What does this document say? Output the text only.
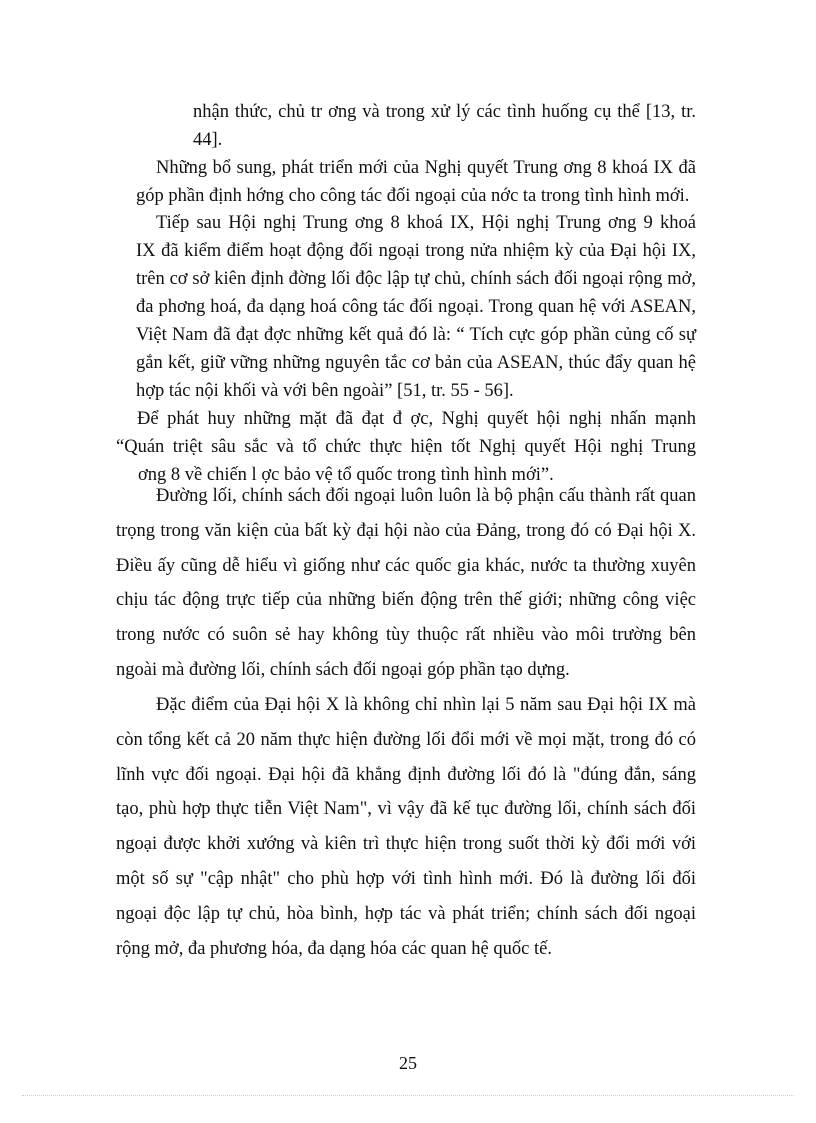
nhận thức, chủ tr ơng và trong xử lý các tình huống cụ thể [13, tr.
44].
Những bổ sung, phát triển mới của Nghị quyết Trung ơng 8 khoá IX đã
góp phần định hớng cho công tác đối ngoại của nớc ta trong tình hình mới.
Tiếp sau Hội nghị Trung ơng 8 khoá IX, Hội nghị Trung ơng 9 khoá
IX đã kiểm điểm hoạt động đối ngoại trong nửa nhiệm kỳ của Đại hội IX,
trên cơ sở kiên định đờng lối độc lập tự chủ, chính sách đối ngoại rộng mở,
đa phơng hoá, đa dạng hoá công tác đối ngoại. Trong quan hệ với ASEAN,
Việt Nam đã đạt đợc những kết quả đó là: “ Tích cực góp phần củng cố sự
gắn kết, giữ vững những nguyên tắc cơ bản của ASEAN, thúc đẩy quan hệ
hợp tác nội khối và với bên ngoài” [51, tr. 55 - 56].
Để phát huy những mặt đã đạt đ ợc, Nghị quyết hội nghị nhấn mạnh
“Quán triệt sâu sắc và tổ chức thực hiện tốt Nghị quyết Hội nghị Trung
ơng 8 về chiến l ợc bảo vệ tổ quốc trong tình hình mới”.
Đường lối, chính sách đối ngoại luôn luôn là bộ phận cấu thành rất quan
trọng trong văn kiện của bất kỳ đại hội nào của Đảng, trong đó có Đại hội X.
Điều ấy cũng dễ hiểu vì giống như các quốc gia khác, nước ta thường xuyên
chịu tác động trực tiếp của những biến động trên thế giới; những công việc
trong nước có suôn sẻ hay không tùy thuộc rất nhiều vào môi trường bên
ngoài mà đường lối, chính sách đối ngoại góp phần tạo dựng.
Đặc điểm của Đại hội X là không chỉ nhìn lại 5 năm sau Đại hội IX mà
còn tổng kết cả 20 năm thực hiện đường lối đổi mới về mọi mặt, trong đó có
lĩnh vực đối ngoại. Đại hội đã khẳng định đường lối đó là "đúng đắn, sáng
tạo, phù hợp thực tiễn Việt Nam", vì vậy đã kế tục đường lối, chính sách đối
ngoại được khởi xướng và kiên trì thực hiện trong suốt thời kỳ đổi mới với
một số sự "cập nhật" cho phù hợp với tình hình mới. Đó là đường lối đối
ngoại độc lập tự chủ, hòa bình, hợp tác và phát triển; chính sách đối ngoại
rộng mở, đa phương hóa, đa dạng hóa các quan hệ quốc tế.
25
